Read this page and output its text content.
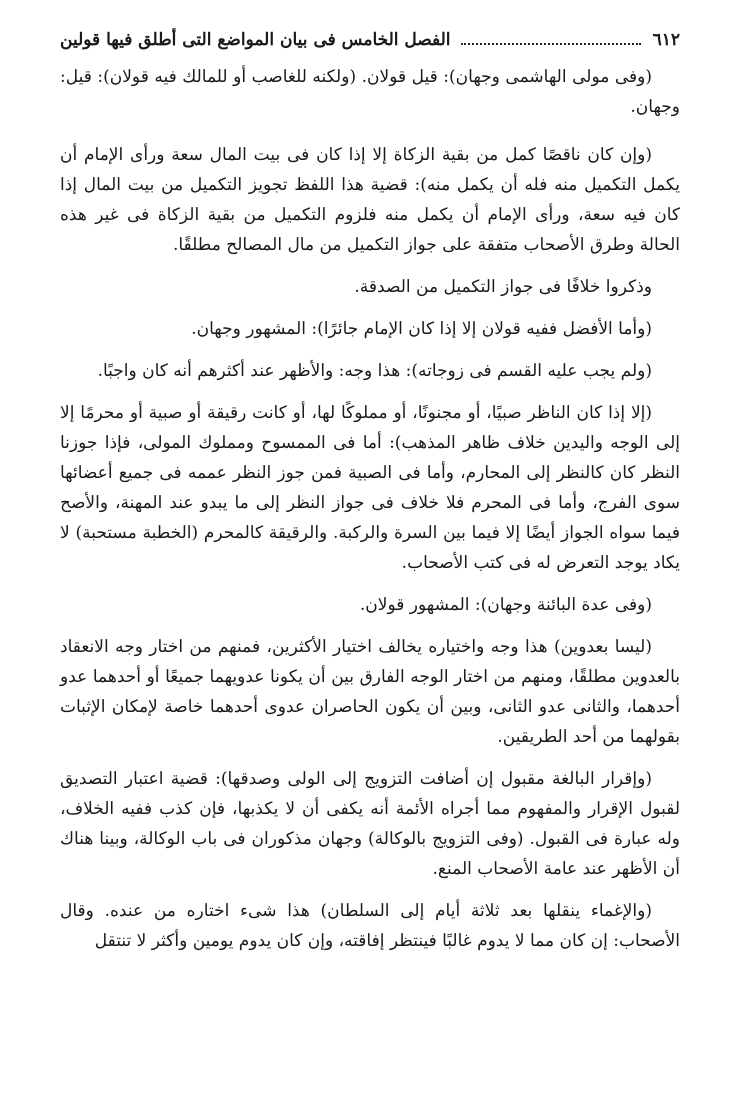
٦١٢
الفصل الخامس فى بيان المواضع التى أطلق فيها قولين

(وفى مولى الهاشمى وجهان): قيل قولان. (ولكنه للغاصب أو للمالك فيه قولان): قيل: وجهان.

(وإن كان ناقصًا كمل من بقية الزكاة إلا إذا كان فى بيت المال سعة ورأى الإمام أن يكمل التكميل منه فله أن يكمل منه): قضية هذا اللفظ تجويز التكميل من بيت المال إذا كان فيه سعة، ورأى الإمام أن يكمل منه فلزوم التكميل من بقية الزكاة فى غير هذه الحالة وطرق الأصحاب متفقة على جواز التكميل من مال المصالح مطلقًا.

وذكروا خلافًا فى جواز التكميل من الصدقة.

(وأما الأفضل ففيه قولان إلا إذا كان الإمام جائرًا): المشهور وجهان.

(ولم يجب عليه القسم فى زوجاته): هذا وجه: والأظهر عند أكثرهم أنه كان واجبًا.

(إلا إذا كان الناظر صبيًا، أو مجنونًا، أو مملوكًا لها، أو كانت رقيقة أو صبية أو محرمًا إلا إلى الوجه واليدين خلاف ظاهر المذهب): أما فى الممسوح ومملوك المولى، فإذا جوزنا النظر كان كالنظر إلى المحارم، وأما فى الصبية فمن جوز النظر عممه فى جميع أعضائها سوى الفرج، وأما فى المحرم فلا خلاف فى جواز النظر إلى ما يبدو عند المهنة، والأصح فيما سواه الجواز أيضًا إلا فيما بين السرة والركبة. والرقيقة كالمحرم (الخطبة مستحبة) لا يكاد يوجد التعرض له فى كتب الأصحاب.

(وفى عدة البائنة وجهان): المشهور قولان.

(ليسا بعدوين) هذا وجه واختياره يخالف اختيار الأكثرين، فمنهم من اختار وجه الانعقاد بالعدوين مطلقًا، ومنهم من اختار الوجه الفارق بين أن يكونا عدويهما جميعًا أو أحدهما عدو أحدهما، والثانى عدو الثانى، وبين أن يكون الحاصران عدوى أحدهما خاصة لإمكان الإثبات بقولهما من أحد الطريقين.

(وإقرار البالغة مقبول إن أضافت التزويج إلى الولى وصدقها): قضية اعتبار التصديق لقبول الإقرار والمفهوم مما أجراه الأئمة أنه يكفى أن لا يكذبها، فإن كذب ففيه الخلاف، وله عبارة فى القبول. (وفى التزويج بالوكالة) وجهان مذكوران فى باب الوكالة، وبينا هناك أن الأظهر عند عامة الأصحاب المنع.

(والإغماء ينقلها بعد ثلاثة أيام إلى السلطان) هذا شىء اختاره من عنده. وقال الأصحاب: إن كان مما لا يدوم غالبًا فينتظر إفاقته، وإن كان يدوم يومين وأكثر لا تنتقل
